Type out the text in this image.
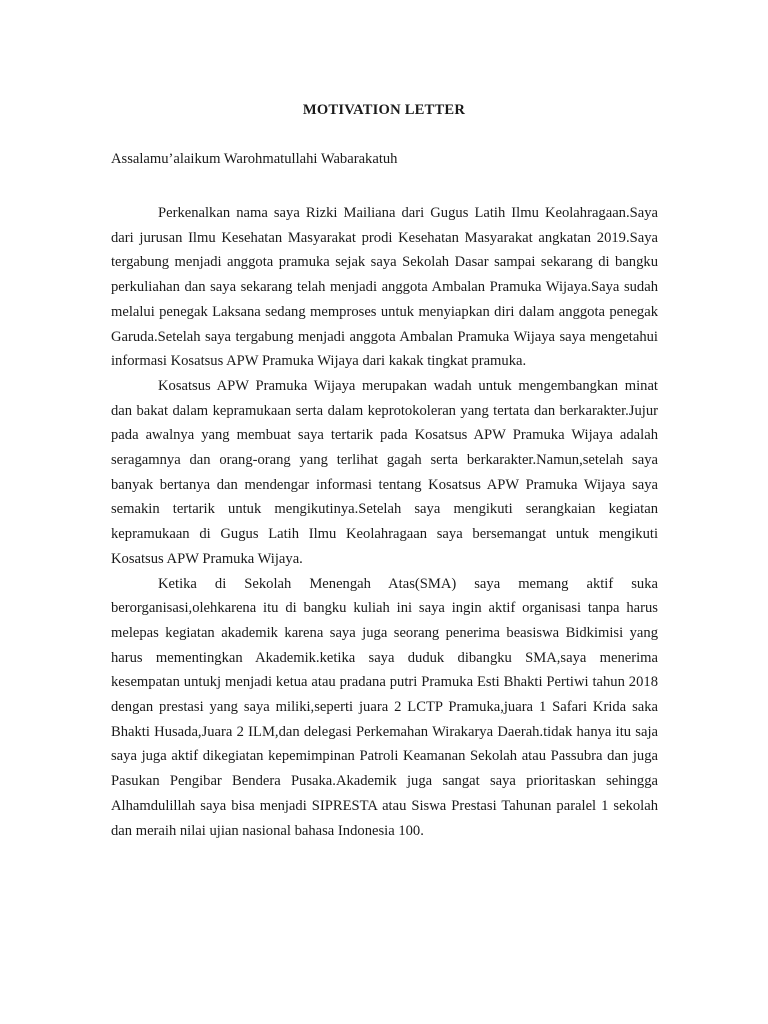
MOTIVATION LETTER

Assalamu’alaikum Warohmatullahi Wabarakatuh

Perkenalkan nama saya Rizki Mailiana dari Gugus Latih Ilmu Keolahragaan.Saya dari jurusan Ilmu Kesehatan Masyarakat prodi Kesehatan Masyarakat angkatan 2019.Saya tergabung menjadi anggota pramuka sejak saya Sekolah Dasar sampai sekarang di bangku perkuliahan dan saya sekarang telah menjadi anggota Ambalan Pramuka Wijaya.Saya sudah melalui penegak Laksana sedang memproses untuk menyiapkan diri dalam anggota penegak Garuda.Setelah saya tergabung menjadi anggota Ambalan Pramuka Wijaya saya mengetahui informasi Kosatsus APW Pramuka Wijaya dari kakak tingkat pramuka.

Kosatsus APW Pramuka Wijaya merupakan wadah untuk mengembangkan minat dan bakat dalam kepramukaan serta dalam keprotokoleran yang tertata dan berkarakter.Jujur pada awalnya yang membuat saya tertarik pada Kosatsus APW Pramuka Wijaya adalah seragamnya dan orang-orang yang terlihat gagah serta berkarakter.Namun,setelah saya banyak bertanya dan mendengar informasi tentang Kosatsus APW Pramuka Wijaya saya semakin tertarik untuk mengikutinya.Setelah saya mengikuti serangkaian kegiatan kepramukaan di Gugus Latih Ilmu Keolahragaan saya bersemangat untuk mengikuti Kosatsus APW Pramuka Wijaya.

Ketika di Sekolah Menengah Atas(SMA) saya memang aktif suka berorganisasi,olehkarena itu di bangku kuliah ini saya ingin aktif organisasi tanpa harus melepas kegiatan akademik karena saya juga seorang penerima beasiswa Bidkimisi yang harus mementingkan Akademik.ketika saya duduk dibangku SMA,saya menerima kesempatan untukj menjadi ketua atau pradana putri Pramuka Esti Bhakti Pertiwi tahun 2018 dengan prestasi yang saya miliki,seperti juara 2 LCTP Pramuka,juara 1 Safari Krida saka Bhakti Husada,Juara 2 ILM,dan delegasi Perkemahan Wirakarya Daerah.tidak hanya itu saja saya juga aktif dikegiatan kepemimpinan Patroli Keamanan Sekolah atau Passubra dan juga Pasukan Pengibar Bendera Pusaka.Akademik juga sangat saya prioritaskan sehingga Alhamdulillah saya bisa menjadi SIPRESTA atau Siswa Prestasi Tahunan paralel 1 sekolah dan meraih nilai ujian nasional bahasa Indonesia 100.
